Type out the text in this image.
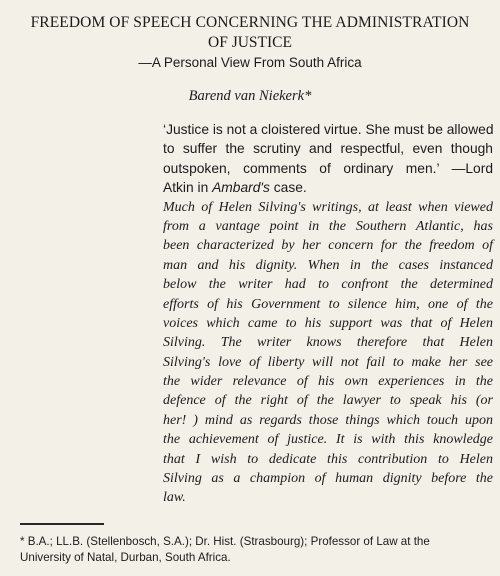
FREEDOM OF SPEECH CONCERNING THE ADMINISTRATION
OF JUSTICE
—A Personal View From South Africa
Barend van Niekerk*
‘Justice is not a cloistered virtue. She must be allowed
to suffer the scrutiny and respectful, even though
outspoken, comments of ordinary men.’ —Lord
Atkin in Ambard's case.
Much of Helen Silving's writings, at least when viewed
from a vantage point in the Southern Atlantic, has
been characterized by her concern for the freedom of
man and his dignity. When in the cases instanced
below the writer had to confront the determined
efforts of his Government to silence him, one of the
voices which came to his support was that of Helen
Silving. The writer knows therefore that Helen
Silving's love of liberty will not fail to make her see
the wider relevance of his own experiences in the
defence of the right of the lawyer to speak his (or
her! ) mind as regards those things which touch upon
the achievement of justice. It is with this knowledge
that I wish to dedicate this contribution to Helen
Silving as a champion of human dignity before the
law.
* B.A.; LL.B. (Stellenbosch, S.A.); Dr. Hist. (Strasbourg); Professor of Law at the
University of Natal, Durban, South Africa.
